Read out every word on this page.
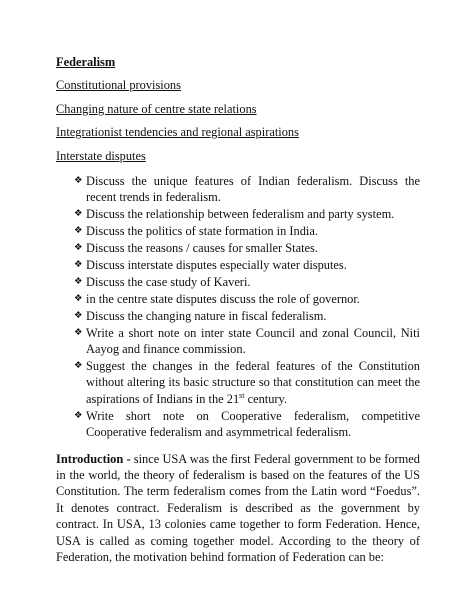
Federalism
Constitutional provisions
Changing nature of centre state relations
Integrationist tendencies and regional aspirations
Interstate disputes
❖ Discuss the unique features of Indian federalism. Discuss the recent trends in federalism.
❖ Discuss the relationship between federalism and party system.
❖ Discuss the politics of state formation in India.
❖ Discuss the reasons / causes for smaller States.
❖ Discuss interstate disputes especially water disputes.
❖ Discuss the case study of Kaveri.
❖ in the centre state disputes discuss the role of governor.
❖ Discuss the changing nature in fiscal federalism.
❖ Write a short note on inter state Council and zonal Council, Niti Aayog and finance commission.
❖ Suggest the changes in the federal features of the Constitution without altering its basic structure so that constitution can meet the aspirations of Indians in the 21st century.
❖ Write short note on Cooperative federalism, competitive Cooperative federalism and asymmetrical federalism.

Introduction - since USA was the first Federal government to be formed in the world, the theory of federalism is based on the features of the US Constitution. The term federalism comes from the Latin word “Foedus”. It denotes contract. Federalism is described as the government by contract. In USA, 13 colonies came together to form Federation. Hence, USA is called as coming together model. According to the theory of Federation, the motivation behind formation of Federation can be:
